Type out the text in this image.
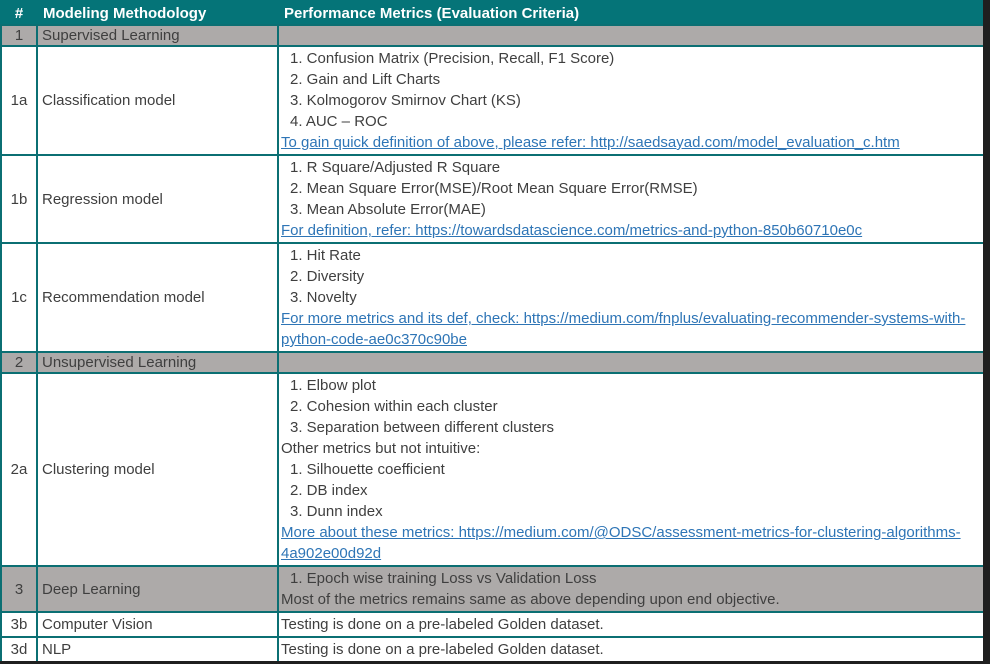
#	Modeling Methodology	Performance Metrics (Evaluation Criteria)
1	Supervised Learning	
1a	Classification model	1. Confusion Matrix (Precision, Recall, F1 Score)
2. Gain and Lift Charts
3. Kolmogorov Smirnov Chart (KS)
4. AUC – ROC
To gain quick definition of above, please refer: http://saedsayad.com/model_evaluation_c.htm

1b	Regression model	1. R Square/Adjusted R Square
2. Mean Square Error(MSE)/Root Mean Square Error(RMSE)
3. Mean Absolute Error(MAE)
For definition, refer: https://towardsdatascience.com/metrics-and-python-850b60710e0c

1c	Recommendation model	1. Hit Rate
2. Diversity
3. Novelty
For more metrics and its def, check: https://medium.com/fnplus/evaluating-recommender-systems-with-python-code-ae0c370c90be

2	Unsupervised Learning	
2a	Clustering model	
1. Elbow plot
2. Cohesion within each cluster
3. Separation between different clusters
Other metrics but not intuitive:
1. Silhouette coefficient
2. DB index
3. Dunn index
More about these metrics: https://medium.com/@ODSC/assessment-metrics-for-clustering-algorithms-4a902e00d92d

3	Deep Learning	1. Epoch wise training Loss vs Validation Loss
Most of the metrics remains same as above depending upon end objective.

3b	Computer Vision	Testing is done on a pre-labeled Golden dataset.

3d	NLP	Testing is done on a pre-labeled Golden dataset.
